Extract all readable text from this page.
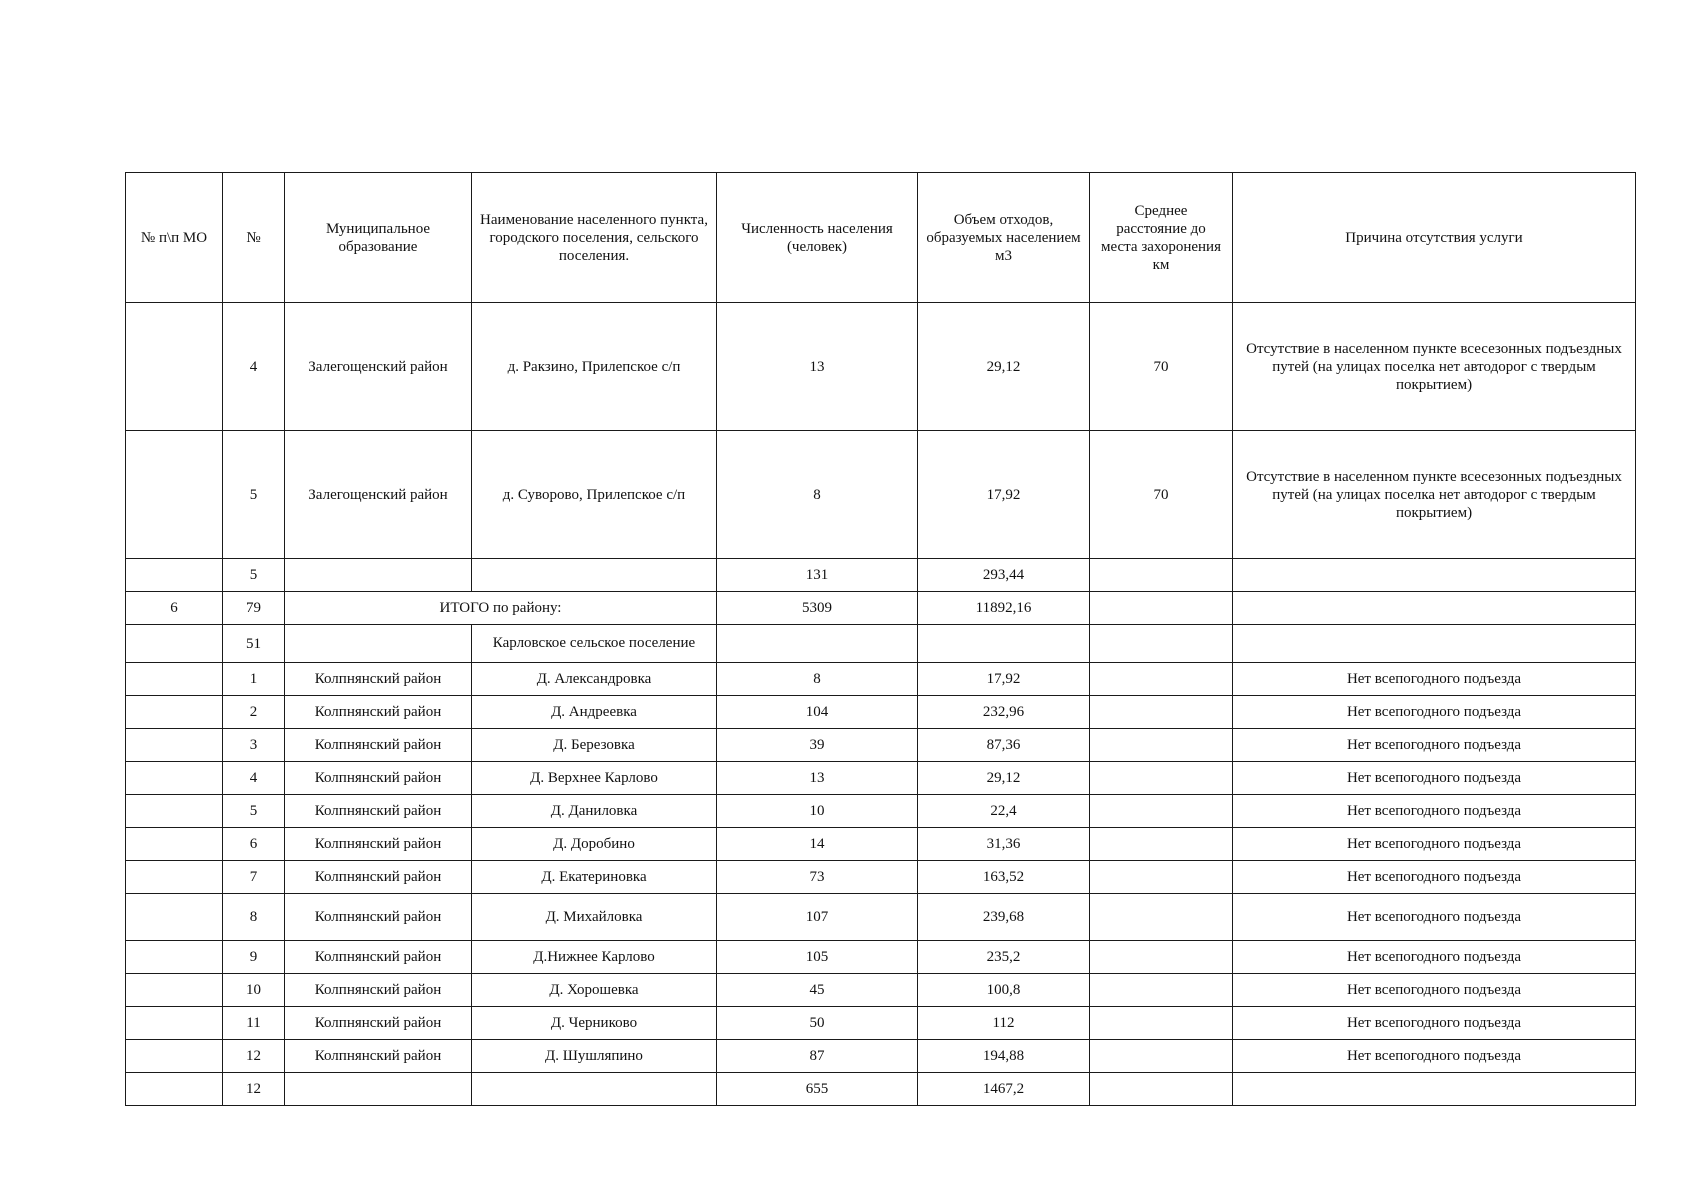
№ п\п МО	№	Муниципальное образование	Наименование населенного пункта, городского поселения, сельского поселения.	Численность населения (человек)	Объем отходов, образуемых населением м3	Среднее расстояние до места захоронения км	Причина отсутствия услуги
	4	Залегощенский район	д. Ракзино, Прилепское с/п	13	29,12	70	Отсутствие в населенном пункте всесезонных подъездных путей (на улицах поселка нет автодорог с твердым покрытием)
	5	Залегощенский район	д. Суворово, Прилепское с/п	8	17,92	70	Отсутствие в населенном пункте всесезонных подъездных путей (на улицах поселка нет автодорог с твердым покрытием)
	5			131	293,44		
6	79	ИТОГО по району:		5309	11892,16		
	51		Карловское сельское поселение				
	1	Колпнянский район	Д. Александровка	8	17,92		Нет всепогодного подъезда
	2	Колпнянский район	Д. Андреевка	104	232,96		Нет всепогодного подъезда
	3	Колпнянский район	Д. Березовка	39	87,36		Нет всепогодного подъезда
	4	Колпнянский район	Д. Верхнее Карлово	13	29,12		Нет всепогодного подъезда
	5	Колпнянский район	Д. Даниловка	10	22,4		Нет всепогодного подъезда
	6	Колпнянский район	Д. Доробино	14	31,36		Нет всепогодного подъезда
	7	Колпнянский район	Д. Екатериновка	73	163,52		Нет всепогодного подъезда
	8	Колпнянский район	Д. Михайловка	107	239,68		Нет всепогодного подъезда
	9	Колпнянский район	Д.Нижнее Карлово	105	235,2		Нет всепогодного подъезда
	10	Колпнянский район	Д. Хорошевка	45	100,8		Нет всепогодного подъезда
	11	Колпнянский район	Д. Черниково	50	112		Нет всепогодного подъезда
	12	Колпнянский район	Д. Шушляпино	87	194,88		Нет всепогодного подъезда
	12			655	1467,2		
